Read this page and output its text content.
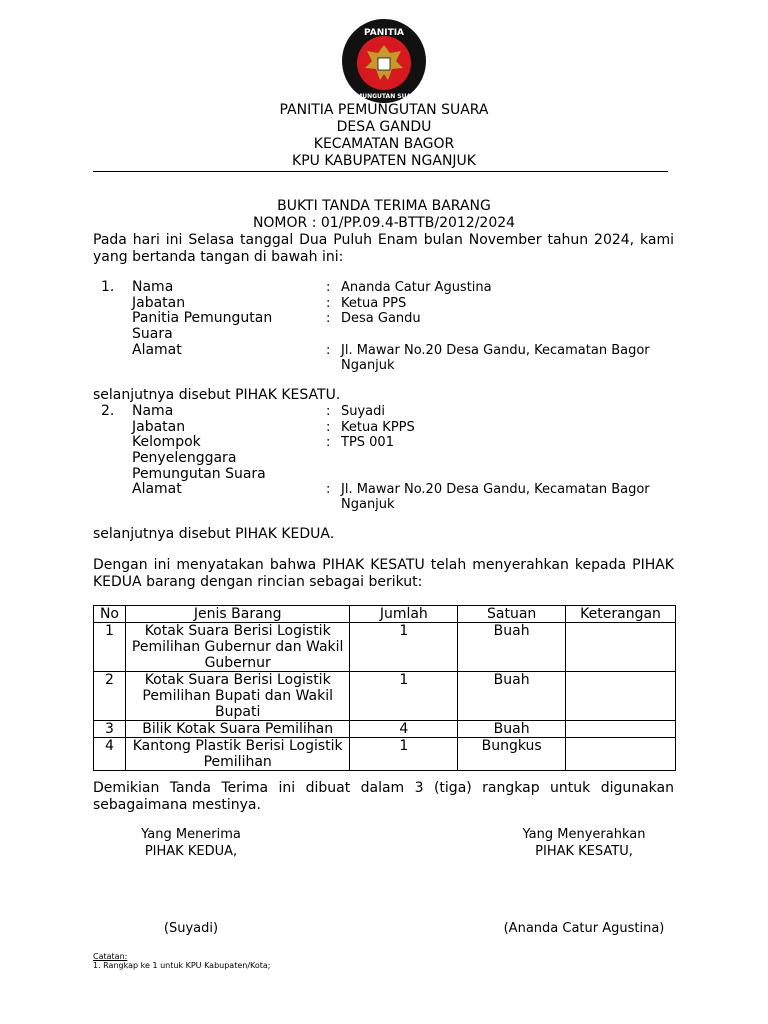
PANITIA
PEMUNGUTAN SUARA
PANITIA PEMUNGUTAN SUARA
DESA GANDU
KECAMATAN BAGOR
KPU KABUPATEN NGANJUK
BUKTI TANDA TERIMA BARANG
NOMOR : 01/PP.09.4-BTTB/2012/2024
Pada hari ini Selasa tanggal Dua Puluh Enam bulan November tahun 2024, kami yang bertanda tangan di bawah ini:
1. Nama	: Ananda Catur Agustina
Jabatan	: Ketua PPS
Panitia Pemungutan Suara
: Desa Gandu
Alamat	: Jl. Mawar No.20 Desa Gandu, Kecamatan Bagor Nganjuk
selanjutnya disebut PIHAK KESATU.
2. Nama	: Suyadi
Jabatan	: Ketua KPPS
Kelompok Penyelenggara Pemungutan Suara
: TPS 001
Alamat	: Jl. Mawar No.20 Desa Gandu, Kecamatan Bagor Nganjuk
selanjutnya disebut PIHAK KEDUA.
Dengan ini menyatakan bahwa PIHAK KESATU telah menyerahkan kepada PIHAK KEDUA barang dengan rincian sebagai berikut:
No	Jenis Barang	Jumlah	Satuan	Keterangan
1	Kotak Suara Berisi Logistik Pemilihan Gubernur dan Wakil Gubernur	1	Buah	
2	Kotak Suara Berisi Logistik Pemilihan Bupati dan Wakil Bupati	1	Buah	
3	Bilik Kotak Suara Pemilihan	4	Buah	
4	Kantong Plastik Berisi Logistik Pemilihan	1	Bungkus	
Demikian Tanda Terima ini dibuat dalam 3 (tiga) rangkap untuk digunakan sebagaimana mestinya.
Yang Menerima
PIHAK KEDUA,
(Suyadi)
Yang Menyerahkan
PIHAK KESATU,
(Ananda Catur Agustina)
Catatan:
1. Rangkap ke 1 untuk KPU Kabupaten/Kota;
